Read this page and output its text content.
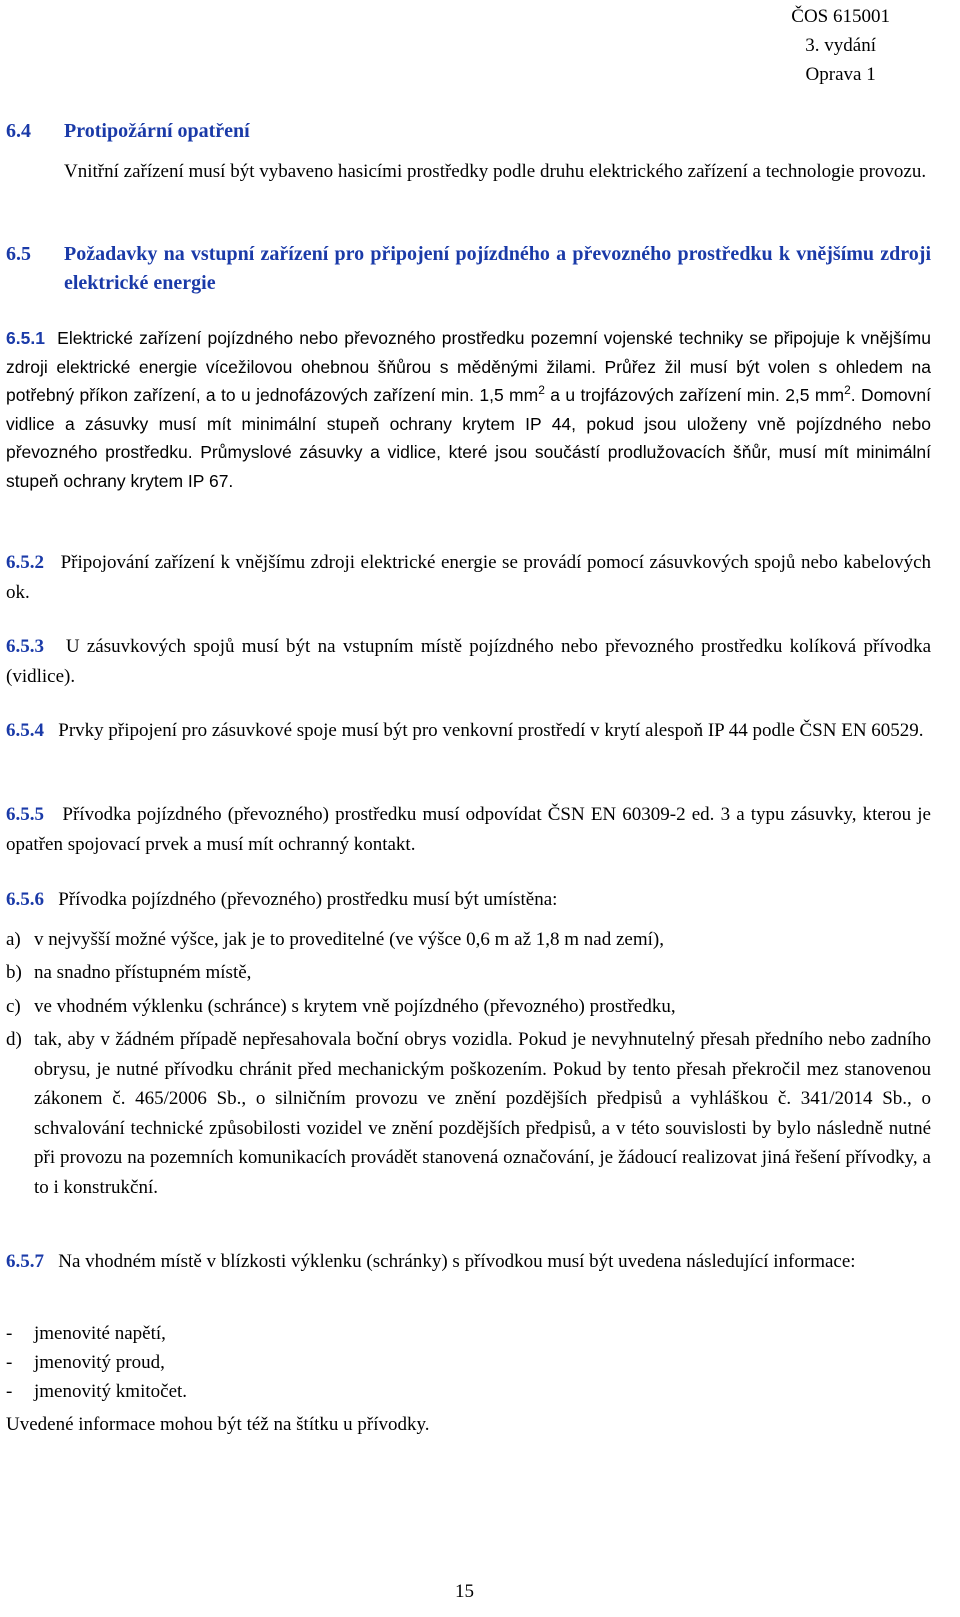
ČOS 615001
3. vydání
Oprava 1
6.4 Protipožární opatření
Vnitřní zařízení musí být vybaveno hasicími prostředky podle druhu elektrického zařízení a technologie provozu.
6.5	Požadavky na vstupní zařízení pro připojení pojízdného a převozného prostředku k vnějšímu zdroji elektrické energie
6.5.1 Elektrické zařízení pojízdného nebo převozného prostředku pozemní vojenské techniky se připojuje k vnějšímu zdroji elektrické energie vícežilovou ohebnou šňůrou s měděnými žilami. Průřez žil musí být volen s ohledem na potřebný příkon zařízení, a to u jednofázových zařízení min. 1,5 $mm^2$ a u trojfázových zařízení min. 2,5 $mm^2$. Domovní vidlice a zásuvky musí mít minimální stupeň ochrany krytem IP 44, pokud jsou uloženy vně pojízdného nebo převozného prostředku. Průmyslové zásuvky a vidlice, které jsou součástí prodlužovacích šňůr, musí mít minimální stupeň ochrany krytem IP 67.
6.5.2 Připojování zařízení k vnějšímu zdroji elektrické energie se provádí pomocí zásuvkových spojů nebo kabelových ok.
6.5.3 U zásuvkových spojů musí být na vstupním místě pojízdného nebo převozného prostředku kolíková přívodka (vidlice).
6.5.4 Prvky připojení pro zásuvkové spoje musí být pro venkovní prostředí v krytí alespoň IP 44 podle ČSN EN 60529.
6.5.5 Přívodka pojízdného (převozného) prostředku musí odpovídat ČSN EN 60309-2 ed. 3 a typu zásuvky, kterou je opatřen spojovací prvek a musí mít ochranný kontakt.
6.5.6 Přívodka pojízdného (převozného) prostředku musí být umístěna:
a) v nejvyšší možné výšce, jak je to proveditelné (ve výšce 0,6 m až 1,8 m nad zemí),
b) na snadno přístupném místě,
c) ve vhodném výklenku (schránce) s krytem vně pojízdného (převozného) prostředku,
d) tak, aby v žádném případě nepřesahovala boční obrys vozidla. Pokud je nevyhnutelný přesah předního nebo zadního obrysu, je nutné přívodku chránit před mechanickým poškozením. Pokud by tento přesah překročil mez stanovenou zákonem č. 465/2006 Sb., o silničním provozu ve znění pozdějších předpisů a vyhláškou č. 341/2014 Sb., o schvalování technické způsobilosti vozidel ve znění pozdějších předpisů, a v této souvislosti by bylo následně nutné při provozu na pozemních komunikacích provádět stanovená označování, je žádoucí realizovat jiná řešení přívodky, a to i konstrukční.
6.5.7 Na vhodném místě v blízkosti výklenku (schránky) s přívodkou musí být uvedena následující informace:
-	jmenovité napětí,
-	jmenovitý proud,
-	jmenovitý kmitočet.
Uvedené informace mohou být též na štítku u přívodky.
15
